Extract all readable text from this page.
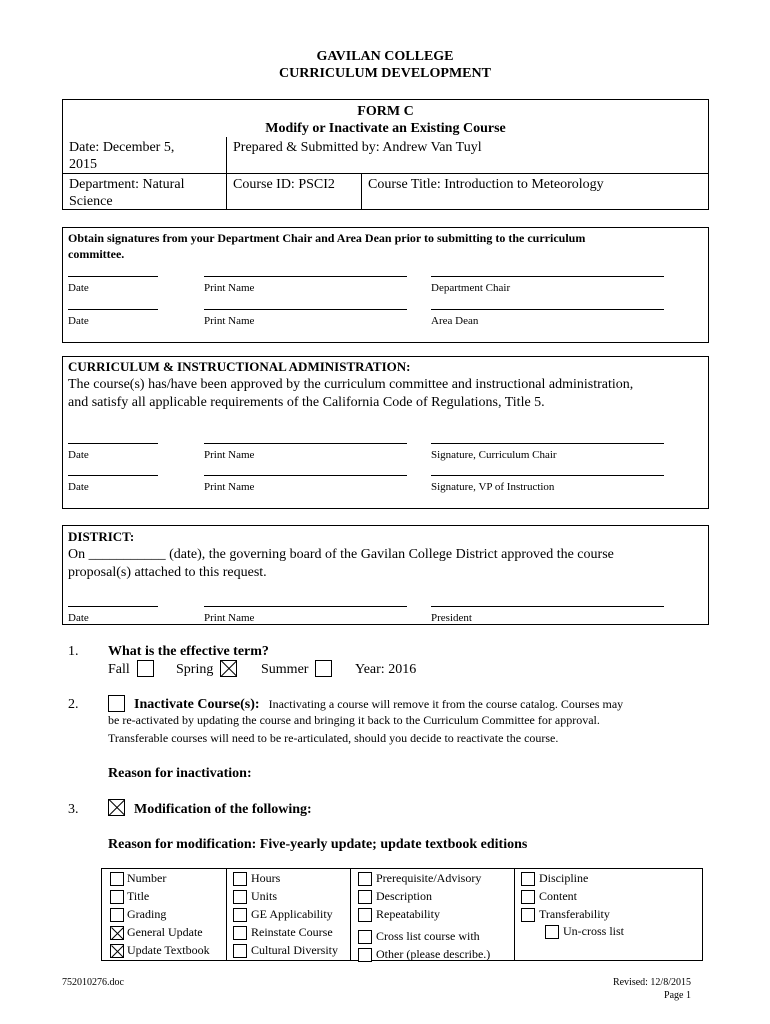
GAVILAN COLLEGE
CURRICULUM DEVELOPMENT
FORM C
Modify or Inactivate an Existing Course
Date: December 5,
2015
Prepared & Submitted by: Andrew Van Tuyl
Department: Natural
Science
Course ID: PSCI2 Course Title: Introduction to Meteorology
Obtain signatures from your Department Chair and Area Dean prior to submitting to the curriculum
committee.
Date	Print Name	Department Chair
Date	Print Name	Area Dean
CURRICULUM & INSTRUCTIONAL ADMINISTRATION:
The course(s) has/have been approved by the curriculum committee and instructional administration,
and satisfy all applicable requirements of the California Code of Regulations, Title 5.
Date	Print Name	Signature, Curriculum Chair
Date	Print Name	Signature, VP of Instruction
DISTRICT:
On ___________ (date), the governing board of the Gavilan College District approved the course
proposal(s) attached to this request.
Date	Print Name	President
1. What is the effective term?
Fall	Spring	Summer	Year: 2016
2.	Inactivate Course(s): Inactivating a course will remove it from the course catalog. Courses may
be re-activated by updating the course and bringing it back to the Curriculum Committee for approval.
Transferable courses will need to be re-articulated, should you decide to reactivate the course.
Reason for inactivation:
3.	Modification of the following:
Reason for modification: Five-yearly update; update textbook editions
Number
Title
Grading
General Update
Update Textbook
Hours
Units
GE Applicability
Reinstate Course
Cultural Diversity
Prerequisite/Advisory
Description
Repeatability
Cross list course with
Other (please describe.)
Discipline
Content
Transferability
Un-cross list
752010276.doc	Revised: 12/8/2015
Page 1
